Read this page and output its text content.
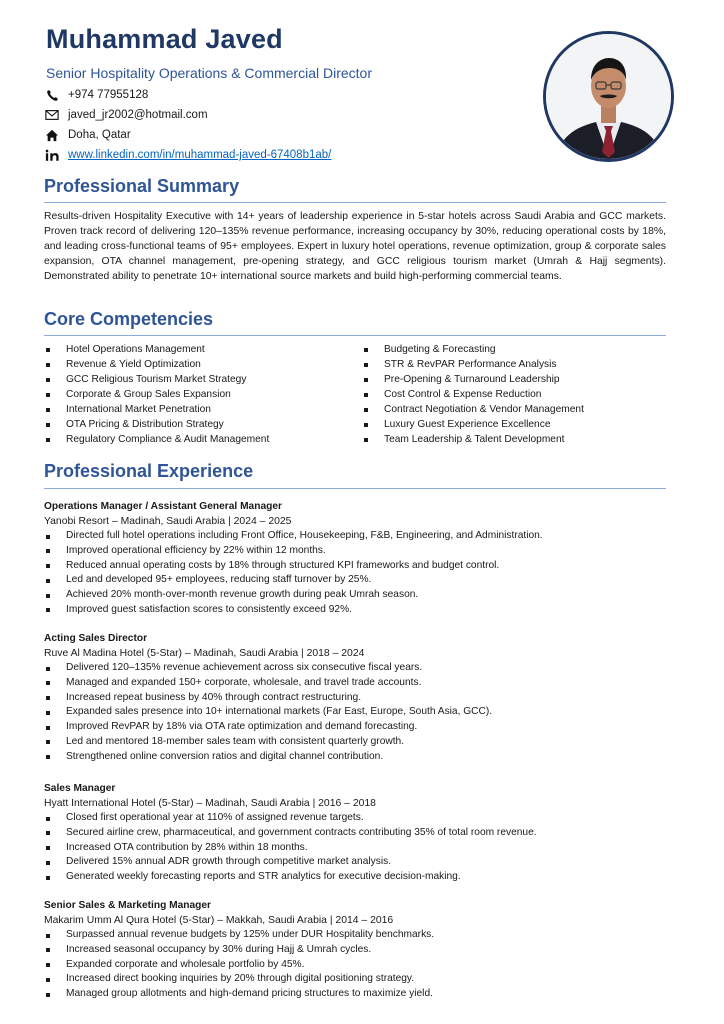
Muhammad Javed

Senior Hospitality Operations & Commercial Director

+974 77955128
javed_jr2002@hotmail.com
Doha, Qatar
www.linkedin.com/in/muhammad-javed-67408b1ab/
Professional Summary

Results-driven Hospitality Executive with 14+ years of leadership experience in 5-star hotels across Saudi Arabia and GCC markets. Proven track record of delivering 120–135% revenue performance, increasing occupancy by 30%, reducing operational costs by 18%, and leading cross-functional teams of 95+ employees. Expert in luxury hotel operations, revenue optimization, group & corporate sales expansion, OTA channel management, pre-opening strategy, and GCC religious tourism market (Umrah & Hajj segments). Demonstrated ability to penetrate 10+ international source markets and build high-performing commercial teams.

Core Competencies
Hotel Operations Management
Revenue & Yield Optimization
GCC Religious Tourism Market Strategy
Corporate & Group Sales Expansion
International Market Penetration
OTA Pricing & Distribution Strategy
Regulatory Compliance & Audit Management
Budgeting & Forecasting
STR & RevPAR Performance Analysis
Pre-Opening & Turnaround Leadership
Cost Control & Expense Reduction
Contract Negotiation & Vendor Management
Luxury Guest Experience Excellence
Team Leadership & Talent Development
Professional Experience

Operations Manager / Assistant General Manager

Yanobi Resort – Madinah, Saudi Arabia | 2024 – 2025

Directed full hotel operations including Front Office, Housekeeping, F&B, Engineering, and Administration.
Improved operational efficiency by 22% within 12 months.
Reduced annual operating costs by 18% through structured KPI frameworks and budget control.
Led and developed 95+ employees, reducing staff turnover by 25%.
Achieved 20% month-over-month revenue growth during peak Umrah season.
Improved guest satisfaction scores to consistently exceed 92%.

Acting Sales Director

Ruve Al Madina Hotel (5-Star) – Madinah, Saudi Arabia | 2018 – 2024

Delivered 120–135% revenue achievement across six consecutive fiscal years.
Managed and expanded 150+ corporate, wholesale, and travel trade accounts.
Increased repeat business by 40% through contract restructuring.
Expanded sales presence into 10+ international markets (Far East, Europe, South Asia, GCC).
Improved RevPAR by 18% via OTA rate optimization and demand forecasting.
Led and mentored 18-member sales team with consistent quarterly growth.
Strengthened online conversion ratios and digital channel contribution.

Sales Manager

Hyatt International Hotel (5-Star) – Madinah, Saudi Arabia | 2016 – 2018

Closed first operational year at 110% of assigned revenue targets.
Secured airline crew, pharmaceutical, and government contracts contributing 35% of total room revenue.
Increased OTA contribution by 28% within 18 months.
Delivered 15% annual ADR growth through competitive market analysis.
Generated weekly forecasting reports and STR analytics for executive decision-making.

Senior Sales & Marketing Manager

Makarim Umm Al Qura Hotel (5-Star) – Makkah, Saudi Arabia | 2014 – 2016

Surpassed annual revenue budgets by 125% under DUR Hospitality benchmarks.
Increased seasonal occupancy by 30% during Hajj & Umrah cycles.
Expanded corporate and wholesale portfolio by 45%.
Increased direct booking inquiries by 20% through digital positioning strategy.
Managed group allotments and high-demand pricing structures to maximize yield.
